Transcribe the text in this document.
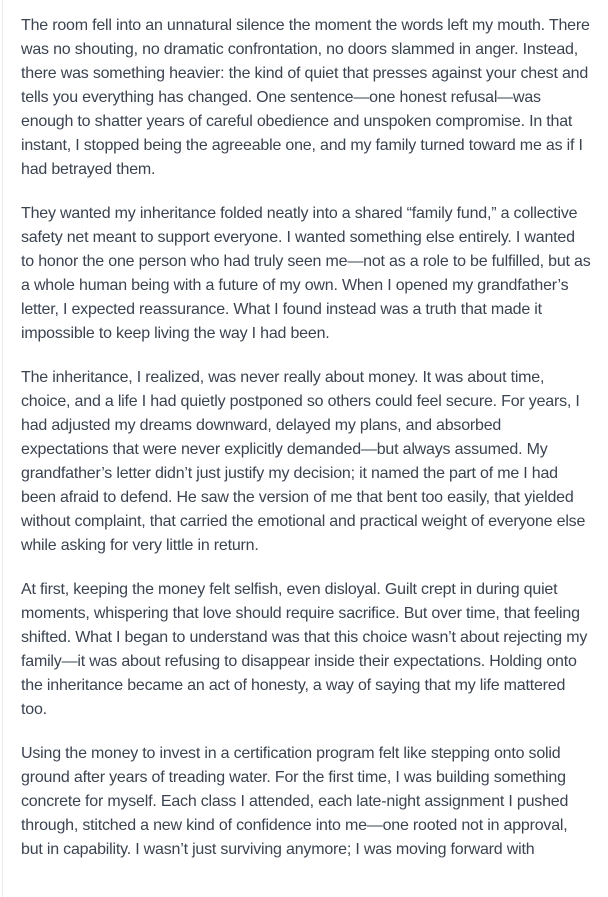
The room fell into an unnatural silence the moment the words left my mouth. There was no shouting, no dramatic confrontation, no doors slammed in anger. Instead, there was something heavier: the kind of quiet that presses against your chest and tells you everything has changed. One sentence—one honest refusal—was enough to shatter years of careful obedience and unspoken compromise. In that instant, I stopped being the agreeable one, and my family turned toward me as if I had betrayed them.

They wanted my inheritance folded neatly into a shared “family fund,” a collective safety net meant to support everyone. I wanted something else entirely. I wanted to honor the one person who had truly seen me—not as a role to be fulfilled, but as a whole human being with a future of my own. When I opened my grandfather’s letter, I expected reassurance. What I found instead was a truth that made it impossible to keep living the way I had been.

The inheritance, I realized, was never really about money. It was about time, choice, and a life I had quietly postponed so others could feel secure. For years, I had adjusted my dreams downward, delayed my plans, and absorbed expectations that were never explicitly demanded—but always assumed. My grandfather’s letter didn’t just justify my decision; it named the part of me I had been afraid to defend. He saw the version of me that bent too easily, that yielded without complaint, that carried the emotional and practical weight of everyone else while asking for very little in return.

At first, keeping the money felt selfish, even disloyal. Guilt crept in during quiet moments, whispering that love should require sacrifice. But over time, that feeling shifted. What I began to understand was that this choice wasn’t about rejecting my family—it was about refusing to disappear inside their expectations. Holding onto the inheritance became an act of honesty, a way of saying that my life mattered too.

Using the money to invest in a certification program felt like stepping onto solid ground after years of treading water. For the first time, I was building something concrete for myself. Each class I attended, each late-night assignment I pushed through, stitched a new kind of confidence into me—one rooted not in approval, but in capability. I wasn’t just surviving anymore; I was moving forward with
